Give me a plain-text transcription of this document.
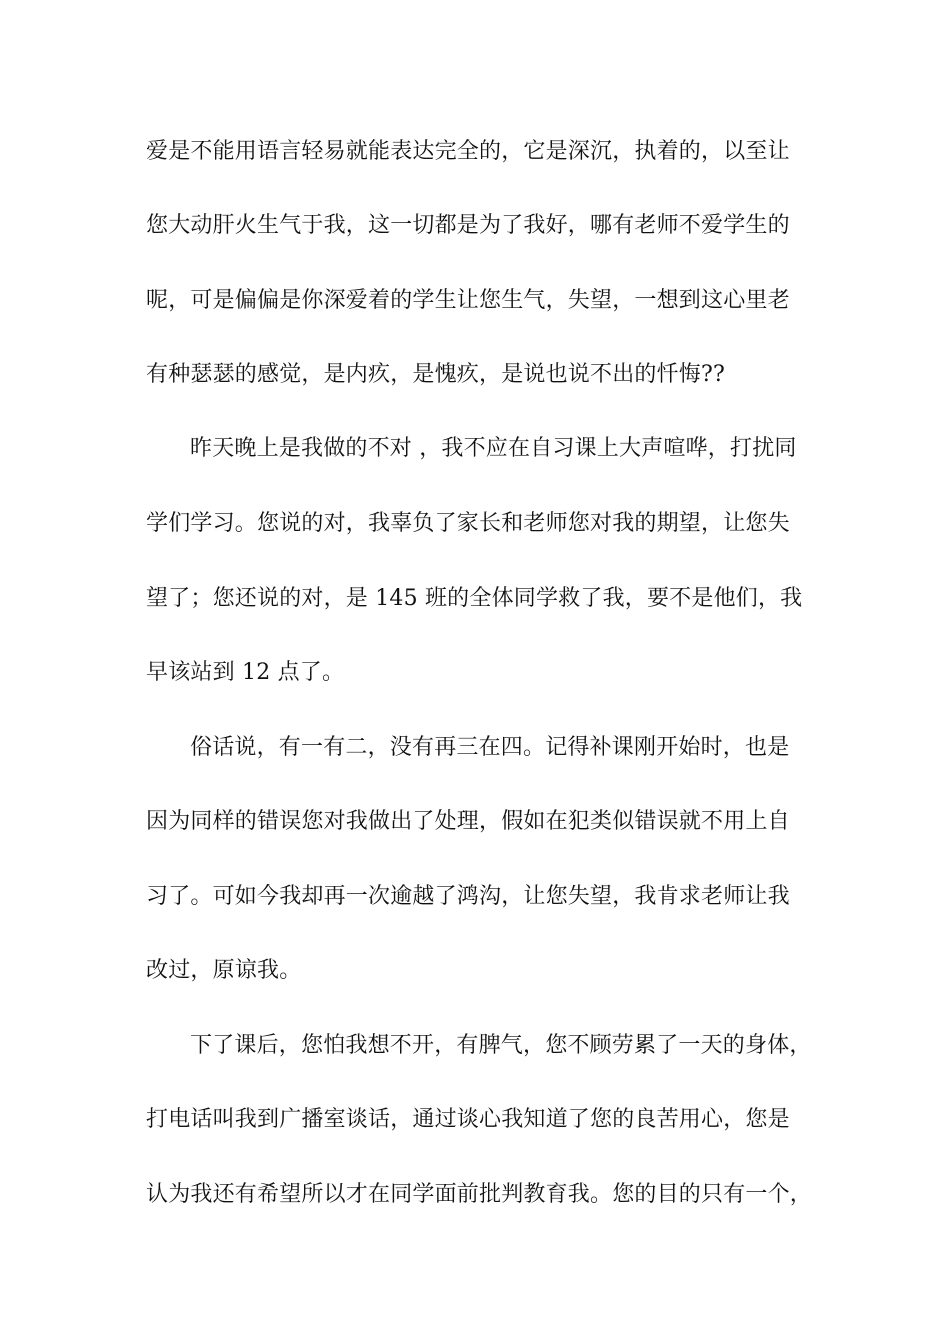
爱是不能用语言轻易就能表达完全的，它是深沉，执着的，以至让
您大动肝火生气于我，这一切都是为了我好，哪有老师不爱学生的
呢，可是偏偏是你深爱着的学生让您生气，失望，一想到这心里老
有种瑟瑟的感觉，是内疚，是愧疚，是说也说不出的忏悔??
昨天晚上是我做的不对 ，我不应在自习课上大声喧哗，打扰同
学们学习。您说的对，我辜负了家长和老师您对我的期望，让您失
望了；您还说的对，是 145 班的全体同学救了我，要不是他们，我
早该站到 12 点了。
俗话说，有一有二，没有再三在四。记得补课刚开始时，也是
因为同样的错误您对我做出了处理，假如在犯类似错误就不用上自
习了。可如今我却再一次逾越了鸿沟，让您失望，我肯求老师让我
改过，原谅我。
下了课后，您怕我想不开，有脾气，您不顾劳累了一天的身体，
打电话叫我到广播室谈话，通过谈心我知道了您的良苦用心，您是
认为我还有希望所以才在同学面前批判教育我。您的目的只有一个，
